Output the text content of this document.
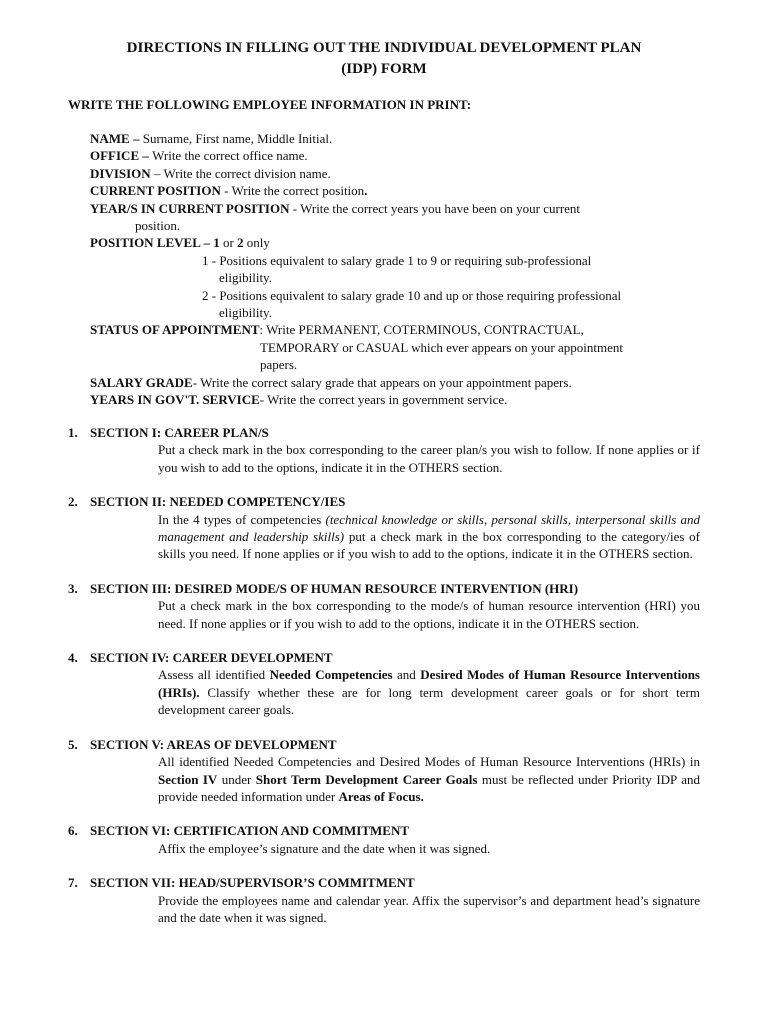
DIRECTIONS IN FILLING OUT THE INDIVIDUAL DEVELOPMENT PLAN
(IDP) FORM
WRITE THE FOLLOWING EMPLOYEE INFORMATION IN PRINT:
NAME – Surname, First name, Middle Initial.
OFFICE – Write the correct office name.
DIVISION – Write the correct division name.
CURRENT POSITION - Write the correct position.
YEAR/S IN CURRENT POSITION - Write the correct years you have been on your current
position.
POSITION LEVEL – 1 or 2 only
1 - Positions equivalent to salary grade 1 to 9 or requiring sub-professional
eligibility.
2 - Positions equivalent to salary grade 10 and up or those requiring professional
eligibility.
STATUS OF APPOINTMENT: Write PERMANENT, COTERMINOUS, CONTRACTUAL,
TEMPORARY or CASUAL which ever appears on your appointment
papers.
SALARY GRADE- Write the correct salary grade that appears on your appointment papers.
YEARS IN GOV'T. SERVICE- Write the correct years in government service.
1. SECTION I: CAREER PLAN/S

Put a check mark in the box corresponding to the career plan/s you wish to follow. If none applies or if you wish to add to the options, indicate it in the OTHERS section.

2. SECTION II: NEEDED COMPETENCY/IES

In the 4 types of competencies (technical knowledge or skills, personal skills, interpersonal skills and management and leadership skills) put a check mark in the box corresponding to the category/ies of skills you need. If none applies or if you wish to add to the options, indicate it in the OTHERS section.

3. SECTION III: DESIRED MODE/S OF HUMAN RESOURCE INTERVENTION (HRI)

Put a check mark in the box corresponding to the mode/s of human resource intervention (HRI) you need. If none applies or if you wish to add to the options, indicate it in the OTHERS section.

4. SECTION IV: CAREER DEVELOPMENT

Assess all identified Needed Competencies and Desired Modes of Human Resource Interventions (HRIs). Classify whether these are for long term development career goals or for short term development career goals.

5. SECTION V: AREAS OF DEVELOPMENT

All identified Needed Competencies and Desired Modes of Human Resource Interventions (HRIs) in Section IV under Short Term Development Career Goals must be reflected under Priority IDP and provide needed information under Areas of Focus.

6. SECTION VI: CERTIFICATION AND COMMITMENT

Affix the employee’s signature and the date when it was signed.

7. SECTION VII: HEAD/SUPERVISOR’S COMMITMENT

Provide the employees name and calendar year. Affix the supervisor’s and department head’s signature and the date when it was signed.
